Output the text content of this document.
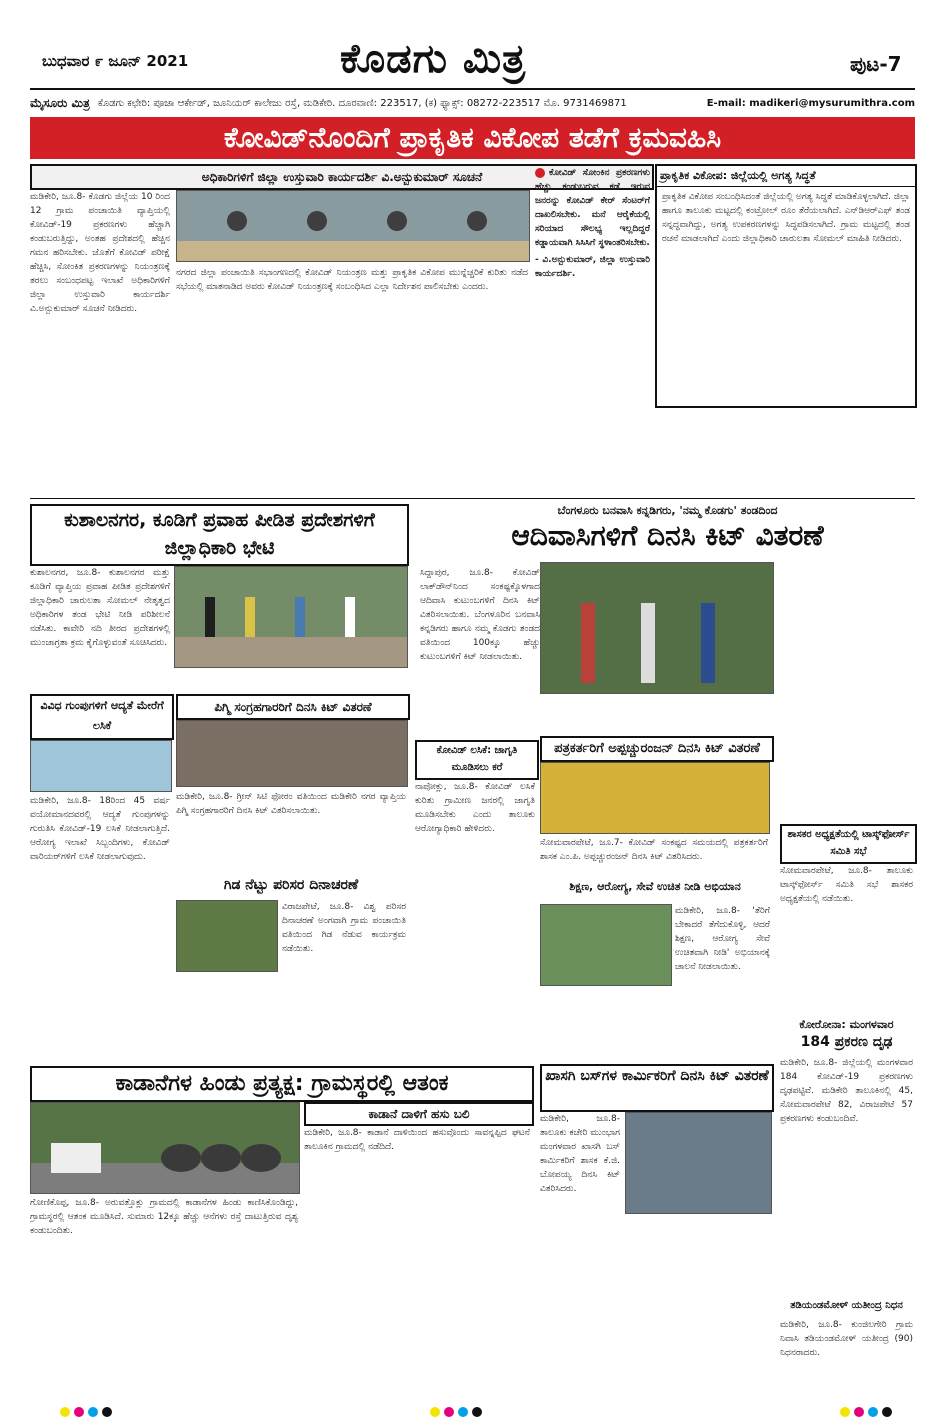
ಬುಧವಾರ ೯ ಜೂನ್ 2021	ಕೊಡಗು ಮಿತ್ರ	ಪುಟ-7
ಮೈಸೂರು ಮಿತ್ರ ಕೊಡಗು ಕಛೇರಿ: ಪೂಜಾ ಆರ್ಕೇಡ್, ಜೂನಿಯರ್ ಕಾಲೇಜು ರಸ್ತೆ, ಮಡಿಕೇರಿ. ದೂರವಾಣಿ: 223517, (ಕ) ಫ್ಯಾಕ್ಸ್: 08272-223517 ಮೊ. 9731469871	E-mail: madikeri@mysurumithra.com
ಕೋವಿಡ್‌ನೊಂದಿಗೆ ಪ್ರಾಕೃತಿಕ ವಿಕೋಪ ತಡೆಗೆ ಕ್ರಮವಹಿಸಿ
ಅಧಿಕಾರಿಗಳಿಗೆ ಜಿಲ್ಲಾ ಉಸ್ತುವಾರಿ ಕಾರ್ಯದರ್ಶಿ ವಿ.ಅನ್ಬುಕುಮಾರ್ ಸೂಚನೆ
ಮಡಿಕೇರಿ, ಜೂ.8- ಕೊಡಗು ಜಿಲ್ಲೆಯ 10 ರಿಂದ 12 ಗ್ರಾಮ ಪಂಚಾಯಿತಿ ವ್ಯಾಪ್ತಿಯಲ್ಲಿ ಕೋವಿಡ್-19 ಪ್ರಕರಣಗಳು ಹೆಚ್ಚಾಗಿ ಕಂಡುಬರುತ್ತಿದ್ದು, ಅಂತಹ ಪ್ರದೇಶದಲ್ಲಿ ಹೆಚ್ಚಿನ ಗಮನ ಹರಿಸಬೇಕು. ಜೊತೆಗೆ ಕೋವಿಡ್ ಪರೀಕ್ಷೆ ಹೆಚ್ಚಿಸಿ, ಸೋಂಕಿತ ಪ್ರಕರಣಗಳನ್ನು ನಿಯಂತ್ರಣಕ್ಕೆ ತರಲು ಸಂಬಂಧಪಟ್ಟ ಇಲಾಖೆ ಅಧಿಕಾರಿಗಳಿಗೆ ಜಿಲ್ಲಾ ಉಸ್ತುವಾರಿ ಕಾರ್ಯದರ್ಶಿ ವಿ.ಅನ್ಬುಕುಮಾರ್ ಸೂಚನೆ ನೀಡಿದರು.
ನಗರದ ಜಿಲ್ಲಾ ಪಂಚಾಯಿತಿ ಸಭಾಂಗಣದಲ್ಲಿ ಕೋವಿಡ್ ನಿಯಂತ್ರಣ ಮತ್ತು ಪ್ರಾಕೃತಿಕ ವಿಕೋಪ ಮುನ್ನೆಚ್ಚರಿಕೆ ಕುರಿತು ನಡೆದ ಸಭೆಯಲ್ಲಿ ಮಾತನಾಡಿದ ಅವರು ಕೋವಿಡ್ ನಿಯಂತ್ರಣಕ್ಕೆ ಸಂಬಂಧಿಸಿದ ಎಲ್ಲಾ ನಿರ್ದೇಶನ ಪಾಲಿಸಬೇಕು ಎಂದರು.
ಕೋವಿಡ್ ಸೋಂಕಿನ ಪ್ರಕರಣಗಳು ಹೆಚ್ಚು ಕಂಡುಬರುವ ಕಡೆ ಇರುವ ಜನರನ್ನು ಕೋವಿಡ್ ಕೇರ್ ಸೆಂಟರ್‌ಗೆ ದಾಖಲಿಸಬೇಕು. ಮನೆ ಆರೈಕೆಯಲ್ಲಿ ಸರಿಯಾದ ಸೌಲಭ್ಯ ಇಲ್ಲದಿದ್ದರೆ ಕಡ್ಡಾಯವಾಗಿ ಸಿಸಿಸಿಗೆ ಸ್ಥಳಾಂತರಿಸಬೇಕು.
- ವಿ.ಅನ್ಬುಕುಮಾರ್, ಜಿಲ್ಲಾ ಉಸ್ತುವಾರಿ ಕಾರ್ಯದರ್ಶಿ.
ಪ್ರಾಕೃತಿಕ ವಿಕೋಪ: ಜಿಲ್ಲೆಯಲ್ಲಿ ಅಗತ್ಯ ಸಿದ್ಧತೆ
ಪ್ರಾಕೃತಿಕ ವಿಕೋಪ ಸಂಬಂಧಿಸಿದಂತೆ ಜಿಲ್ಲೆಯಲ್ಲಿ ಅಗತ್ಯ ಸಿದ್ಧತೆ ಮಾಡಿಕೊಳ್ಳಲಾಗಿದೆ. ಜಿಲ್ಲಾ ಹಾಗೂ ತಾಲೂಕು ಮಟ್ಟದಲ್ಲಿ ಕಂಟ್ರೋಲ್ ರೂಂ ತೆರೆಯಲಾಗಿದೆ. ಎನ್‌ಡಿಆರ್‌ಎಫ್ ತಂಡ ಸನ್ನದ್ಧವಾಗಿದ್ದು, ಅಗತ್ಯ ಉಪಕರಣಗಳನ್ನು ಸಿದ್ಧಪಡಿಸಲಾಗಿದೆ. ಗ್ರಾಮ ಮಟ್ಟದಲ್ಲಿ ತಂಡ ರಚನೆ ಮಾಡಲಾಗಿದೆ ಎಂದು ಜಿಲ್ಲಾಧಿಕಾರಿ ಚಾರುಲತಾ ಸೋಮಲ್ ಮಾಹಿತಿ ನೀಡಿದರು.
ಕುಶಾಲನಗರ, ಕೂಡಿಗೆ ಪ್ರವಾಹ ಪೀಡಿತ ಪ್ರದೇಶಗಳಿಗೆ ಜಿಲ್ಲಾಧಿಕಾರಿ ಭೇಟಿ
ಕುಶಾಲನಗರ, ಜೂ.8- ಕುಶಾಲನಗರ ಮತ್ತು ಕೂಡಿಗೆ ವ್ಯಾಪ್ತಿಯ ಪ್ರವಾಹ ಪೀಡಿತ ಪ್ರದೇಶಗಳಿಗೆ ಜಿಲ್ಲಾಧಿಕಾರಿ ಚಾರುಲತಾ ಸೋಮಲ್ ನೇತೃತ್ವದ ಅಧಿಕಾರಿಗಳ ತಂಡ ಭೇಟಿ ನೀಡಿ ಪರಿಶೀಲನೆ ನಡೆಸಿತು. ಕಾವೇರಿ ನದಿ ತೀರದ ಪ್ರದೇಶಗಳಲ್ಲಿ ಮುಂಜಾಗ್ರತಾ ಕ್ರಮ ಕೈಗೊಳ್ಳುವಂತೆ ಸೂಚಿಸಿದರು.
ಬೆಂಗಳೂರು ಬನವಾಸಿ ಕನ್ನಡಿಗರು, 'ನಮ್ಮ ಕೊಡಗು' ತಂಡದಿಂದ
ಆದಿವಾಸಿಗಳಿಗೆ ದಿನಸಿ ಕಿಟ್ ವಿತರಣೆ
ಸಿದ್ದಾಪುರ, ಜೂ.8- ಕೋವಿಡ್ ಲಾಕ್‌ಡೌನ್‌ನಿಂದ ಸಂಕಷ್ಟಕ್ಕೊಳಗಾದ ಆದಿವಾಸಿ ಕುಟುಂಬಗಳಿಗೆ ದಿನಸಿ ಕಿಟ್ ವಿತರಿಸಲಾಯಿತು. ಬೆಂಗಳೂರಿನ ಬನವಾಸಿ ಕನ್ನಡಿಗರು ಹಾಗೂ ನಮ್ಮ ಕೊಡಗು ತಂಡದ ವತಿಯಿಂದ 100ಕ್ಕೂ ಹೆಚ್ಚು ಕುಟುಂಬಗಳಿಗೆ ಕಿಟ್ ನೀಡಲಾಯಿತು.
ವಿವಿಧ ಗುಂಪುಗಳಿಗೆ ಆದ್ಯತೆ ಮೇರೆಗೆ ಲಸಿಕೆ
ಮಡಿಕೇರಿ, ಜೂ.8- 18ರಿಂದ 45 ವರ್ಷ ವಯೋಮಾನದವರಲ್ಲಿ ಆದ್ಯತೆ ಗುಂಪುಗಳನ್ನು ಗುರುತಿಸಿ ಕೋವಿಡ್-19 ಲಸಿಕೆ ನೀಡಲಾಗುತ್ತಿದೆ. ಆರೋಗ್ಯ ಇಲಾಖೆ ಸಿಬ್ಬಂದಿಗಳು, ಕೋವಿಡ್ ವಾರಿಯರ್‌ಗಳಿಗೆ ಲಸಿಕೆ ನೀಡಲಾಗುವುದು.
ಪಿಗ್ಮಿ ಸಂಗ್ರಹಗಾರರಿಗೆ ದಿನಸಿ ಕಿಟ್ ವಿತರಣೆ
ಮಡಿಕೇರಿ, ಜೂ.8- ಗ್ರೀನ್ ಸಿಟಿ ಫೋರಂ ವತಿಯಿಂದ ಮಡಿಕೇರಿ ನಗರ ವ್ಯಾಪ್ತಿಯ ಪಿಗ್ಮಿ ಸಂಗ್ರಹಗಾರರಿಗೆ ದಿನಸಿ ಕಿಟ್ ವಿತರಿಸಲಾಯಿತು.
ಗಿಡ ನೆಟ್ಟು ಪರಿಸರ ದಿನಾಚರಣೆ
ವಿರಾಜಪೇಟೆ, ಜೂ.8- ವಿಶ್ವ ಪರಿಸರ ದಿನಾಚರಣೆ ಅಂಗವಾಗಿ ಗ್ರಾಮ ಪಂಚಾಯಿತಿ ವತಿಯಿಂದ ಗಿಡ ನೆಡುವ ಕಾರ್ಯಕ್ರಮ ನಡೆಯಿತು.
ಕೋವಿಡ್ ಲಸಿಕೆ: ಜಾಗೃತಿ ಮೂಡಿಸಲು ಕರೆ
ನಾಪೋಕ್ಲು, ಜೂ.8- ಕೋವಿಡ್ ಲಸಿಕೆ ಕುರಿತು ಗ್ರಾಮೀಣ ಜನರಲ್ಲಿ ಜಾಗೃತಿ ಮೂಡಿಸಬೇಕು ಎಂದು ತಾಲೂಕು ಆರೋಗ್ಯಾಧಿಕಾರಿ ಹೇಳಿದರು.
ಪತ್ರಕರ್ತರಿಗೆ ಅಪ್ಪಚ್ಚುರಂಜನ್ ದಿನಸಿ ಕಿಟ್ ವಿತರಣೆ
ಸೋಮವಾರಪೇಟೆ, ಜೂ.7- ಕೋವಿಡ್ ಸಂಕಷ್ಟದ ಸಮಯದಲ್ಲಿ ಪತ್ರಕರ್ತರಿಗೆ ಶಾಸಕ ಎಂ.ಪಿ. ಅಪ್ಪಚ್ಚುರಂಜನ್ ದಿನಸಿ ಕಿಟ್ ವಿತರಿಸಿದರು.
ಶಿಕ್ಷಣ, ಆರೋಗ್ಯ, ಸೇವೆ ಉಚಿತ ನೀಡಿ ಅಭಿಯಾನ
ಮಡಿಕೇರಿ, ಜೂ.8- 'ತೆರಿಗೆ ಬೇಕಾದರೆ ತೆಗೆದುಕೊಳ್ಳಿ, ಆದರೆ ಶಿಕ್ಷಣ, ಆರೋಗ್ಯ ಸೇವೆ ಉಚಿತವಾಗಿ ನೀಡಿ' ಅಭಿಯಾನಕ್ಕೆ ಚಾಲನೆ ನೀಡಲಾಯಿತು.
ಶಾಸಕರ ಅಧ್ಯಕ್ಷತೆಯಲ್ಲಿ ಟಾಸ್ಕ್‌ಫೋರ್ಸ್ ಸಮಿತಿ ಸಭೆ
ಸೋಮವಾರಪೇಟೆ, ಜೂ.8- ತಾಲೂಕು ಟಾಸ್ಕ್‌ಫೋರ್ಸ್ ಸಮಿತಿ ಸಭೆ ಶಾಸಕರ ಅಧ್ಯಕ್ಷತೆಯಲ್ಲಿ ನಡೆಯಿತು.
ಕೋರೋನಾ: ಮಂಗಳವಾರ
184 ಪ್ರಕರಣ ದೃಢ
ಮಡಿಕೇರಿ, ಜೂ.8- ಜಿಲ್ಲೆಯಲ್ಲಿ ಮಂಗಳವಾರ 184 ಕೋವಿಡ್-19 ಪ್ರಕರಣಗಳು ದೃಢಪಟ್ಟಿವೆ. ಮಡಿಕೇರಿ ತಾಲೂಕಿನಲ್ಲಿ 45, ಸೋಮವಾರಪೇಟೆ 82, ವಿರಾಜಪೇಟೆ 57 ಪ್ರಕರಣಗಳು ಕಂಡುಬಂದಿವೆ.
ತಡಿಯಂಡಮೋಳ್ ಯತೀಂದ್ರ ನಿಧನ
ಮಡಿಕೇರಿ, ಜೂ.8- ಕುಂಜಿಲಗೇರಿ ಗ್ರಾಮ ನಿವಾಸಿ ತಡಿಯಂಡಮೋಳ್ ಯತೀಂದ್ರ (90) ನಿಧನರಾದರು.
ಕಾಡಾನೆಗಳ ಹಿಂಡು ಪ್ರತ್ಯಕ್ಷ: ಗ್ರಾಮಸ್ಥರಲ್ಲಿ ಆತಂಕ
ಗೋಣಿಕೊಪ್ಪ, ಜೂ.8- ಅರುವತ್ತೊಕ್ಲು ಗ್ರಾಮದಲ್ಲಿ ಕಾಡಾನೆಗಳ ಹಿಂಡು ಕಾಣಿಸಿಕೊಂಡಿದ್ದು, ಗ್ರಾಮಸ್ಥರಲ್ಲಿ ಆತಂಕ ಮೂಡಿಸಿದೆ. ಸುಮಾರು 12ಕ್ಕೂ ಹೆಚ್ಚು ಆನೆಗಳು ರಸ್ತೆ ದಾಟುತ್ತಿರುವ ದೃಶ್ಯ ಕಂಡುಬಂದಿತು.
ಕಾಡಾನೆ ದಾಳಿಗೆ ಹಸು ಬಲಿ
ಮಡಿಕೇರಿ, ಜೂ.8- ಕಾಡಾನೆ ದಾಳಿಯಿಂದ ಹಸುವೊಂದು ಸಾವನ್ನಪ್ಪಿದ ಘಟನೆ ತಾಲೂಕಿನ ಗ್ರಾಮದಲ್ಲಿ ನಡೆದಿದೆ.
ಖಾಸಗಿ ಬಸ್‌ಗಳ ಕಾರ್ಮಿಕರಿಗೆ ದಿನಸಿ ಕಿಟ್ ವಿತರಣೆ
ಮಡಿಕೇರಿ, ಜೂ.8- ತಾಲೂಕು ಕಚೇರಿ ಮುಂಭಾಗ ಮಂಗಳವಾರ ಖಾಸಗಿ ಬಸ್ ಕಾರ್ಮಿಕರಿಗೆ ಶಾಸಕ ಕೆ.ಜಿ. ಬೋಪಯ್ಯ ದಿನಸಿ ಕಿಟ್ ವಿತರಿಸಿದರು.
